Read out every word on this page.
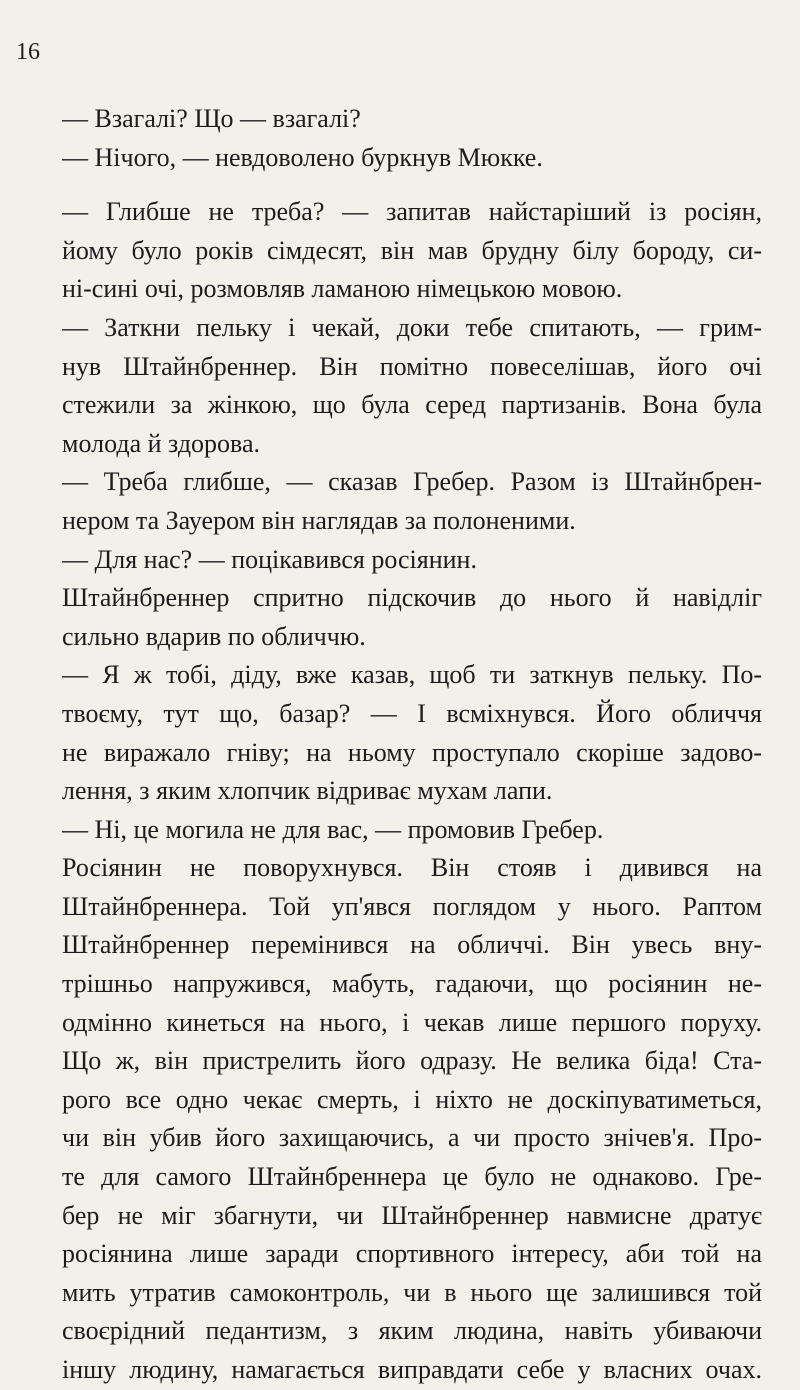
16
— Взагалі? Що — взагалі?
— Нічого, — невдоволено буркнув Мюкке.
— Глибше не треба? — запитав найстаріший із росіян,
йому було років сімдесят, він мав брудну білу бороду, си-
ні-сині очі, розмовляв ламаною німецькою мовою.
— Заткни пельку і чекай, доки тебе спитають, — грим-
нув Штайнбреннер. Він помітно повеселішав, його очі
стежили за жінкою, що була серед партизанів. Вона була
молода й здорова.
— Треба глибше, — сказав Гребер. Разом із Штайнбрен-
нером та Зауером він наглядав за полоненими.
— Для нас? — поцікавився росіянин.
Штайнбреннер спритно підскочив до нього й навідліг
сильно вдарив по обличчю.
— Я ж тобі, діду, вже казав, щоб ти заткнув пельку. По-
твоєму, тут що, базар? — І всміхнувся. Його обличчя
не виражало гніву; на ньому проступало скоріше задово-
лення, з яким хлопчик відриває мухам лапи.
— Ні, це могила не для вас, — промовив Гребер.
Росіянин не поворухнувся. Він стояв і дивився на
Штайнбреннера. Той уп'явся поглядом у нього. Раптом
Штайнбреннер перемінився на обличчі. Він увесь вну-
трішньо напружився, мабуть, гадаючи, що росіянин не-
одмінно кинеться на нього, і чекав лише першого поруху.
Що ж, він пристрелить його одразу. Не велика біда! Ста-
рого все одно чекає смерть, і ніхто не доскіпуватиметься,
чи він убив його захищаючись, а чи просто знічев'я. Про-
те для самого Штайнбреннера це було не однаково. Гре-
бер не міг збагнути, чи Штайнбреннер навмисне дратує
росіянина лише заради спортивного інтересу, аби той на
мить утратив самоконтроль, чи в нього ще залишився той
своєрідний педантизм, з яким людина, навіть убиваючи
іншу людину, намагається виправдати себе у власних очах.
